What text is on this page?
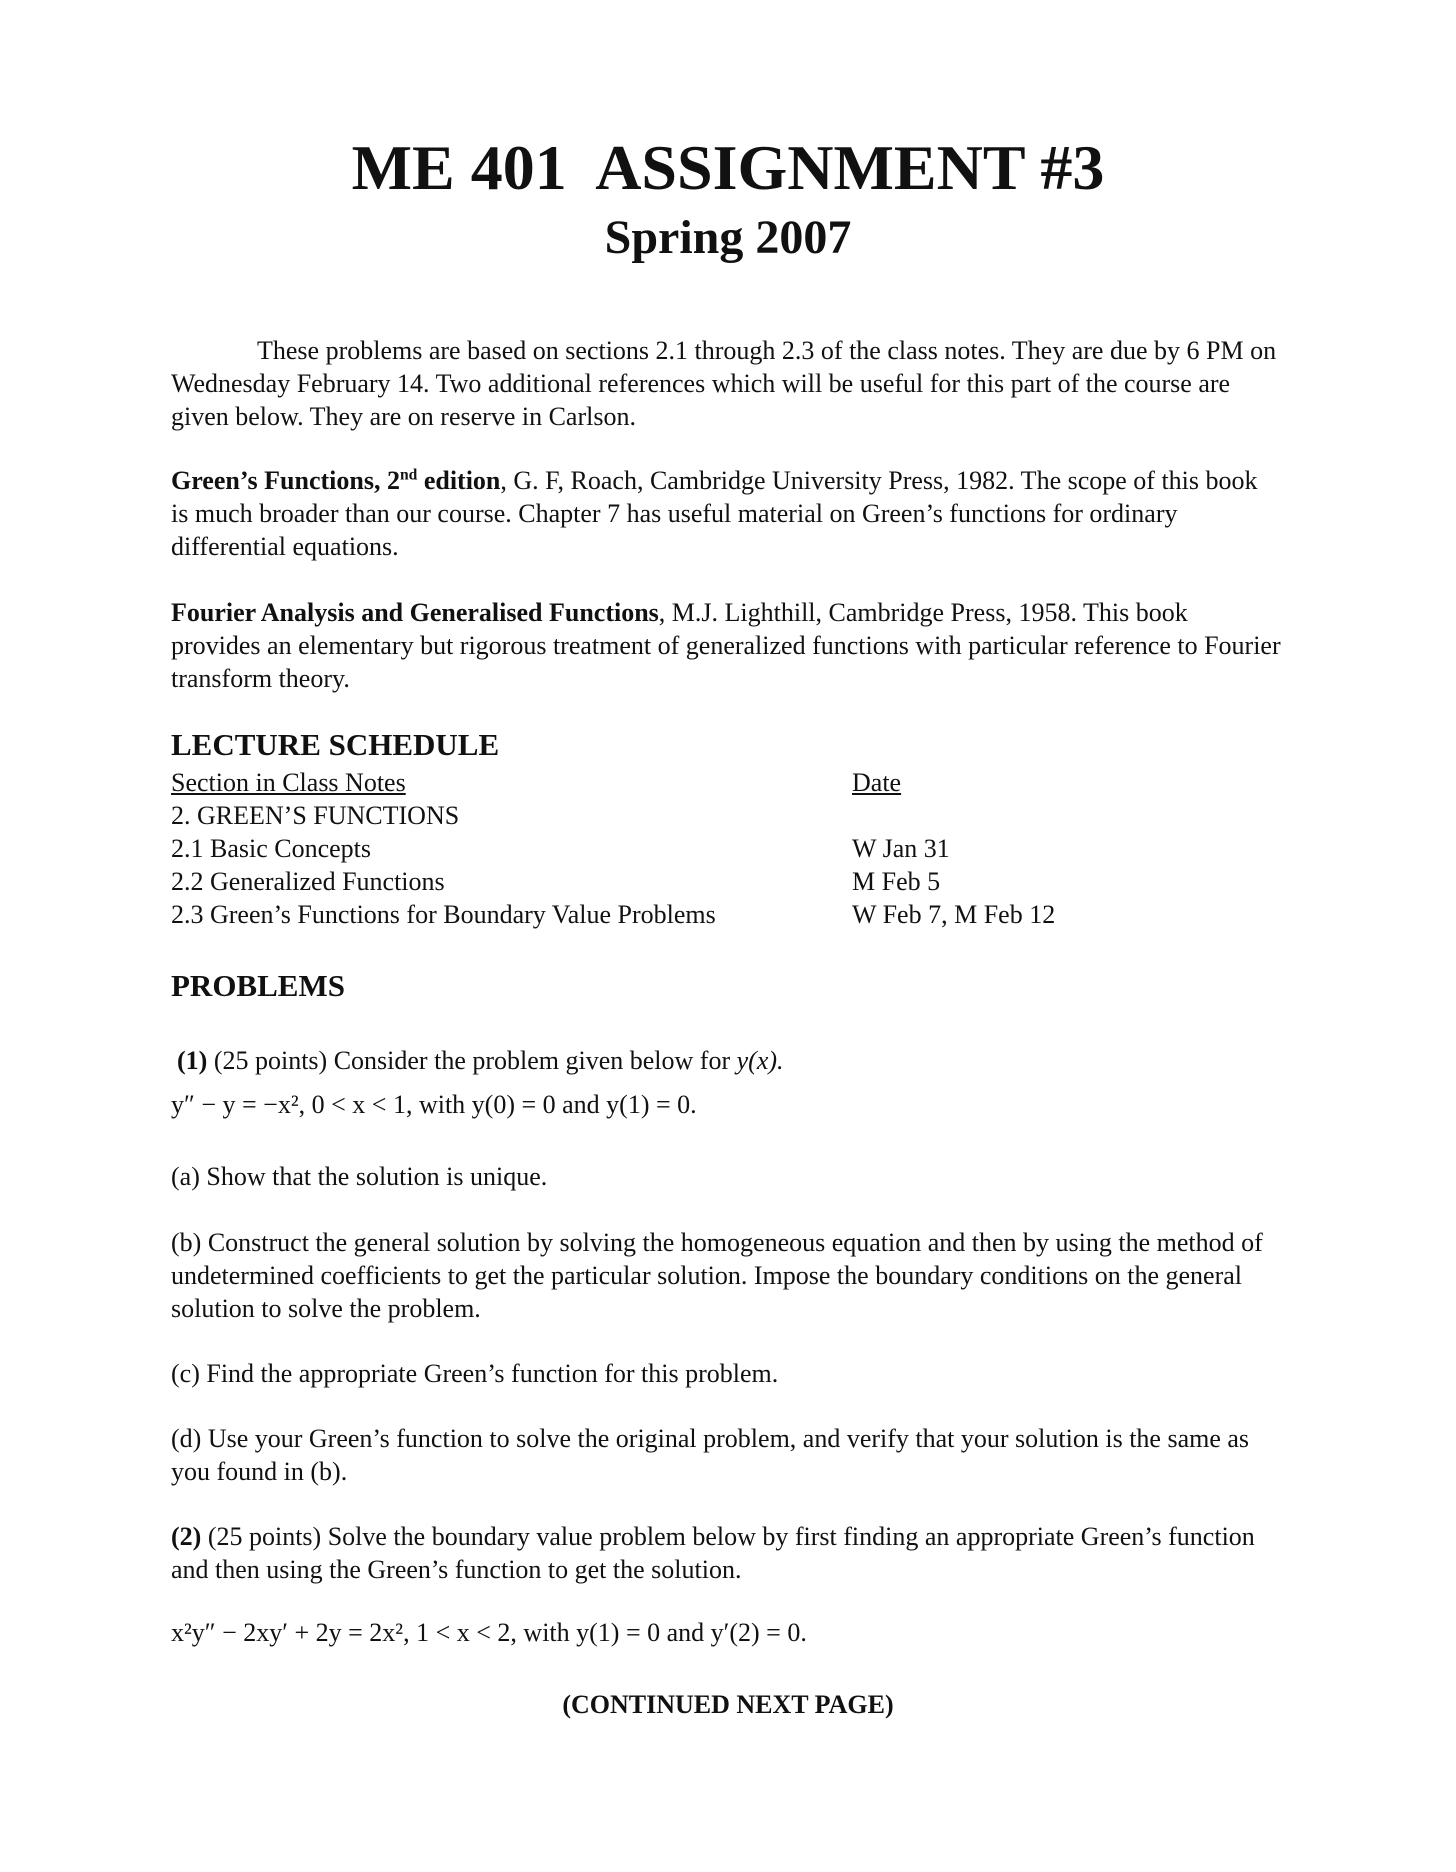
ME 401  ASSIGNMENT #3
Spring 2007
These problems are based on sections 2.1 through 2.3 of the class notes. They are due by 6 PM on Wednesday February 14. Two additional references which will be useful for this part of the course are given below. They are on reserve in Carlson.
Green’s Functions, 2nd edition, G. F, Roach, Cambridge University Press, 1982. The scope of this book is much broader than our course. Chapter 7 has useful material on Green’s functions for ordinary differential equations.
Fourier Analysis and Generalised Functions, M.J. Lighthill, Cambridge Press, 1958. This book provides an elementary but rigorous treatment of generalized functions with particular reference to Fourier transform theory.
LECTURE SCHEDULE
Section in Class Notes	Date
2. GREEN’S FUNCTIONS
2.1 Basic Concepts	W Jan 31
2.2 Generalized Functions	M Feb 5
2.3 Green’s Functions for Boundary Value Problems	W Feb 7, M Feb 12
PROBLEMS
(1) (25 points) Consider the problem given below for y(x).
y″ − y = −x², 0 < x < 1, with y(0) = 0 and y(1) = 0.
(a) Show that the solution is unique.
(b) Construct the general solution by solving the homogeneous equation and then by using the method of undetermined coefficients to get the particular solution. Impose the boundary conditions on the general solution to solve the problem.
(c) Find the appropriate Green’s function for this problem.
(d) Use your Green’s function to solve the original problem, and verify that your solution is the same as you found in (b).
(2) (25 points) Solve the boundary value problem below by first finding an appropriate Green’s function and then using the Green’s function to get the solution.
x²y″ − 2xy′ + 2y = 2x², 1 < x < 2, with y(1) = 0 and y′(2) = 0.
(CONTINUED NEXT PAGE)
